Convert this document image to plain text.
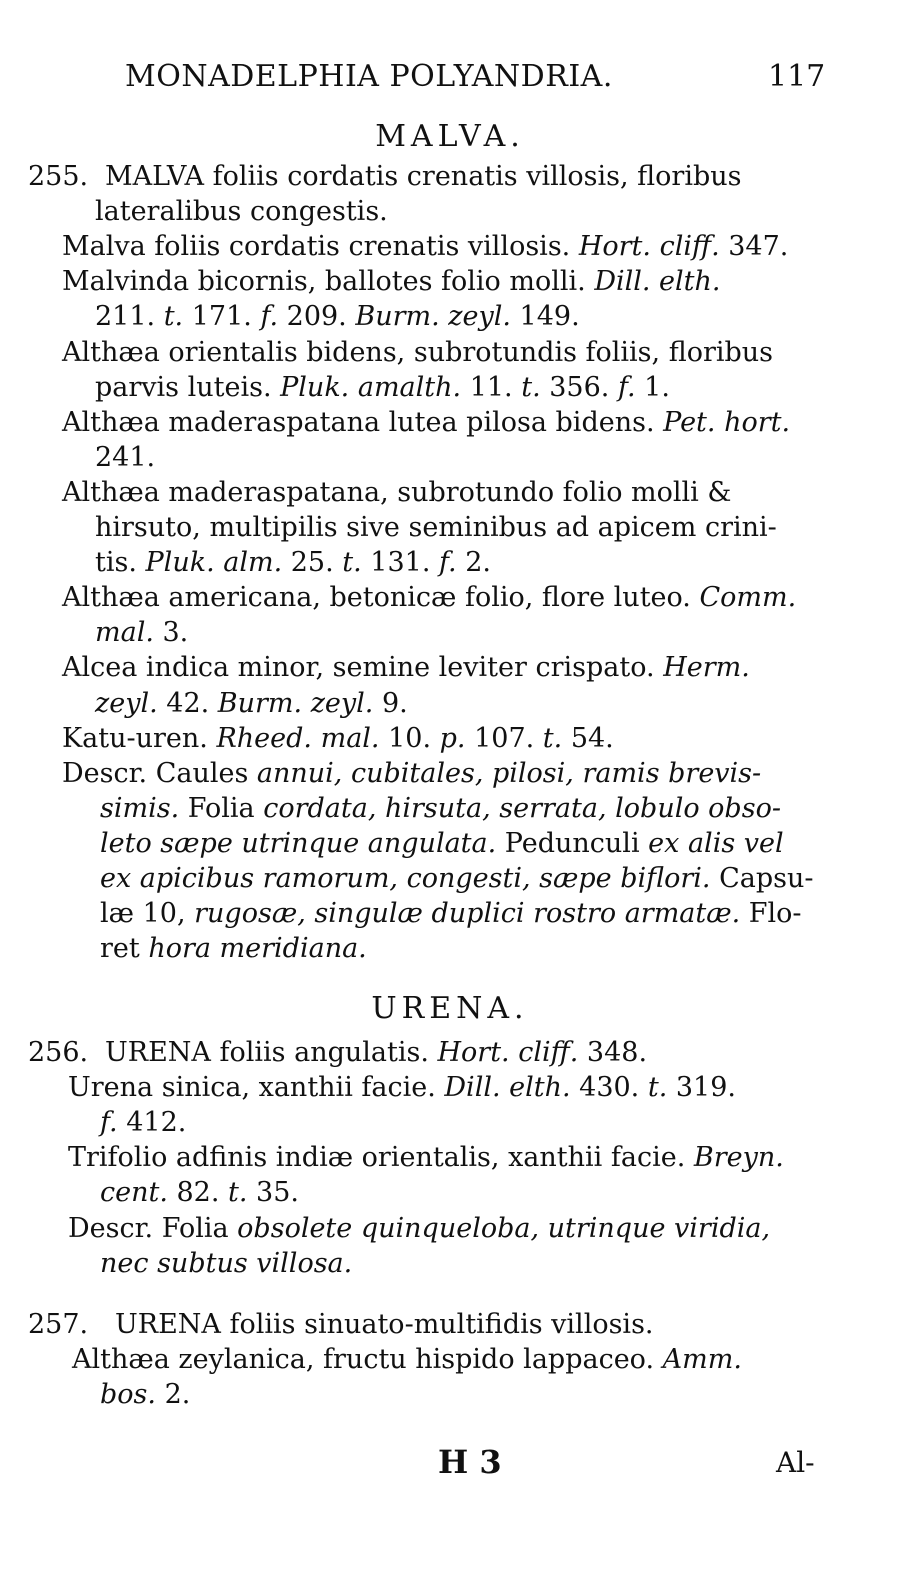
MONADELPHIA POLYANDRIA.	117
MALVA.
255. MALVA foliis cordatis crenatis villosis, floribus
lateralibus congestis.
Malva foliis cordatis crenatis villosis. Hort. cliff. 347.
Malvinda bicornis, ballotes folio molli. Dill. elth.
211. t. 171. f. 209. Burm. zeyl. 149.
Althæa orientalis bidens, subrotundis foliis, floribus
parvis luteis. Pluk. amalth. 11. t. 356. f. 1.
Althæa maderaspatana lutea pilosa bidens. Pet. hort.
241.
Althæa maderaspatana, subrotundo folio molli &
hirsuto, multipilis sive seminibus ad apicem crini-
tis. Pluk. alm. 25. t. 131. f. 2.
Althæa americana, betonicæ folio, flore luteo. Comm.
mal. 3.
Alcea indica minor, semine leviter crispato. Herm.
zeyl. 42. Burm. zeyl. 9.
Katu-uren. Rheed. mal. 10. p. 107. t. 54.
Descr. Caules annui, cubitales, pilosi, ramis brevis-
simis. Folia cordata, hirsuta, serrata, lobulo obso-
leto sæpe utrinque angulata. Pedunculi ex alis vel
ex apicibus ramorum, congesti, sæpe biflori. Capsu-
læ 10, rugosæ, singulæ duplici rostro armatæ. Flo-
ret hora meridiana.
URENA.
256. URENA foliis angulatis. Hort. cliff. 348.
Urena sinica, xanthii facie. Dill. elth. 430. t. 319.
f. 412.
Trifolio adfinis indiæ orientalis, xanthii facie. Breyn.
cent. 82. t. 35.
Descr. Folia obsolete quinqueloba, utrinque viridia,
nec subtus villosa.
257. URENA foliis sinuato-multifidis villosis.
Althæa zeylanica, fructu hispido lappaceo. Amm.
bos. 2.
H 3	Al-
